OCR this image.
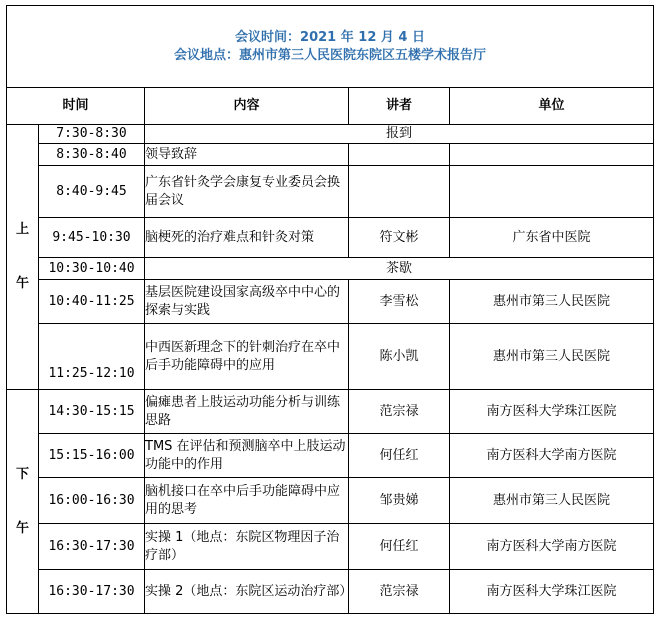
会议时间：2021 年 12 月 4 日
会议地点：惠州市第三人民医院东院区五楼学术报告厅				

时间		内容	讲者	单位
上

午	7:30-8:30	报到		
	8:30-8:40	领导致辞		
	8:40-9:45	广东省针灸学会康复专业委员会换届会议		
	9:45-10:30	脑梗死的治疗难点和针灸对策	符文彬	广东省中医院
	10:30-10:40	茶歇		
	10:40-11:25	基层医院建设国家高级卒中中心的探索与实践	李雪松	惠州市第三人民医院
	11:25-12:10	中西医新理念下的针刺治疗在卒中后手功能障碍中的应用	陈小凯	惠州市第三人民医院
下

午	14:30-15:15	偏瘫患者上肢运动功能分析与训练思路	范宗禄	南方医科大学珠江医院
	15:15-16:00	TMS 在评估和预测脑卒中上肢运动功能中的作用	何任红	南方医科大学南方医院
	16:00-16:30	脑机接口在卒中后手功能障碍中应用的思考	邹贵娣	惠州市第三人民医院
	16:30-17:30	实操 1（地点：东院区物理因子治疗部）	何任红	南方医科大学南方医院
	16:30-17:30	实操 2（地点：东院区运动治疗部）	范宗禄	南方医科大学珠江医院
